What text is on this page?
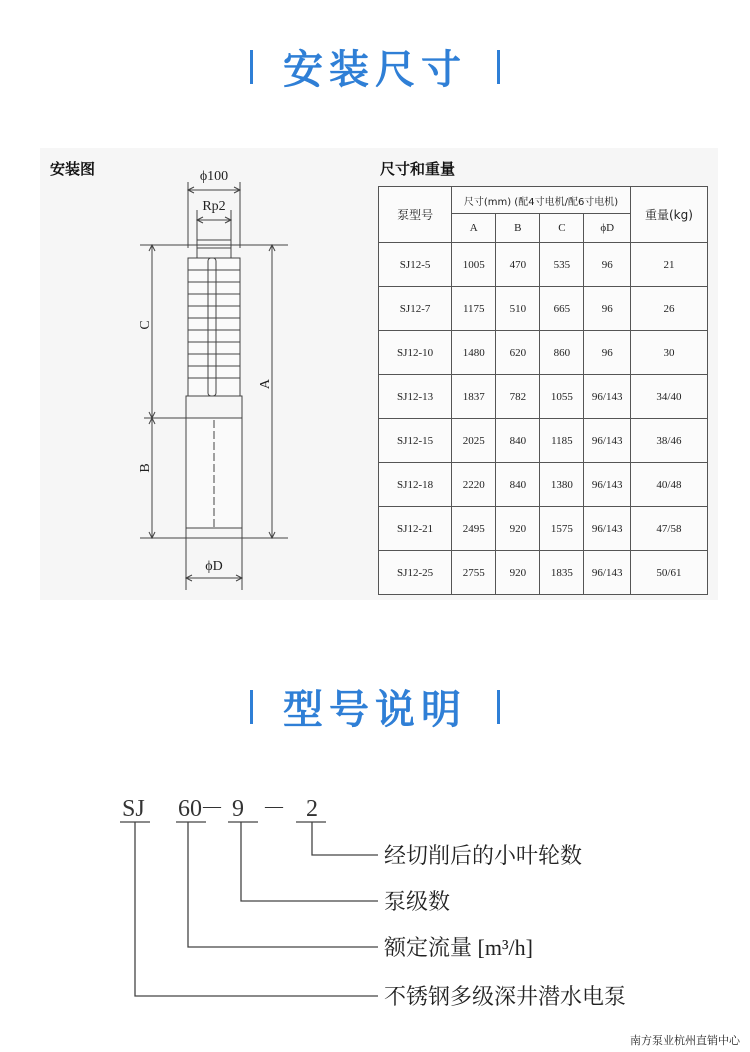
安装尺寸
安装图	尺寸和重量
ϕ100
Rp2
C
B
A
ϕD
泵型号	尺寸(mm) (配4寸电机/配6寸电机)				重量(kg)
	A	B	C	ϕD	
SJ12-5	1005	470	535	96	21
SJ12-7	1175	510	665	96	26
SJ12-10	1480	620	860	96	30
SJ12-13	1837	782	1055	96/143	34/40
SJ12-15	2025	840	1185	96/143	38/46
SJ12-18	2220	840	1380	96/143	40/48
SJ12-21	2495	920	1575	96/143	47/58
SJ12-25	2755	920	1835	96/143	50/61
型号说明
SJ 60
－ 9 － 2
经切削后的小叶轮数
泵级数
额定流量 [m³/h]
不锈钢多级深井潜水电泵
南方泵业杭州直销中心
